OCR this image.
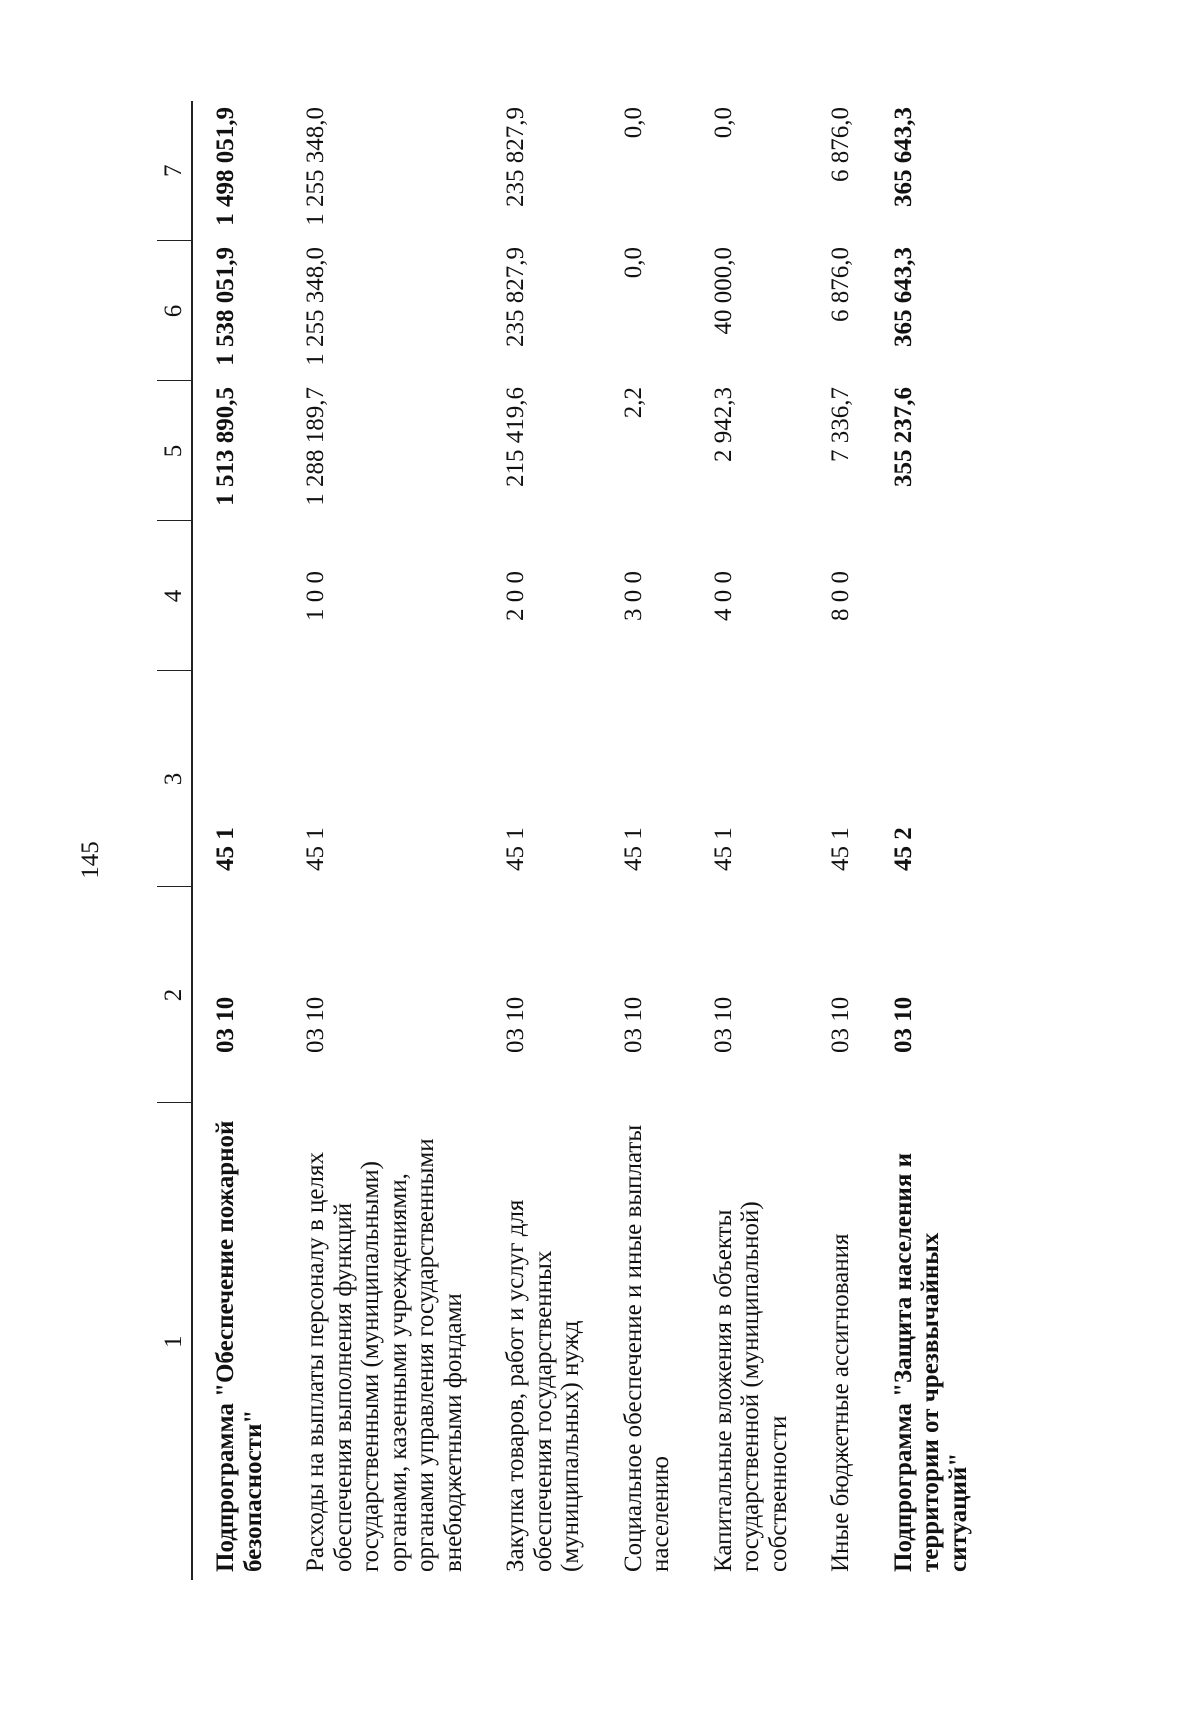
145
1	2	3	4	5	6	7
Подпрограмма "Обеспечение пожарной безопасности"	03 10	45 1		1 513 890,5	1 538 051,9	1 498 051,9
Расходы на выплаты персоналу в целях обеспечения выполнения функций государственными (муниципальными) органами, казенными учреждениями, органами управления государственными внебюджетными фондами	03 10	45 1	1 0 0	1 288 189,7	1 255 348,0	1 255 348,0
Закупка товаров, работ и услуг для обеспечения государственных (муниципальных) нужд	03 10	45 1	2 0 0	215 419,6	235 827,9	235 827,9
Социальное обеспечение и иные выплаты населению	03 10	45 1	3 0 0	2,2	0,0	0,0
Капитальные вложения в объекты государственной (муниципальной) собственности	03 10	45 1	4 0 0	2 942,3	40 000,0	0,0
Иные бюджетные ассигнования	03 10	45 1	8 0 0	7 336,7	6 876,0	6 876,0
Подпрограмма "Защита населения и территории от чрезвычайных ситуаций"	03 10	45 2		355 237,6	365 643,3	365 643,3
